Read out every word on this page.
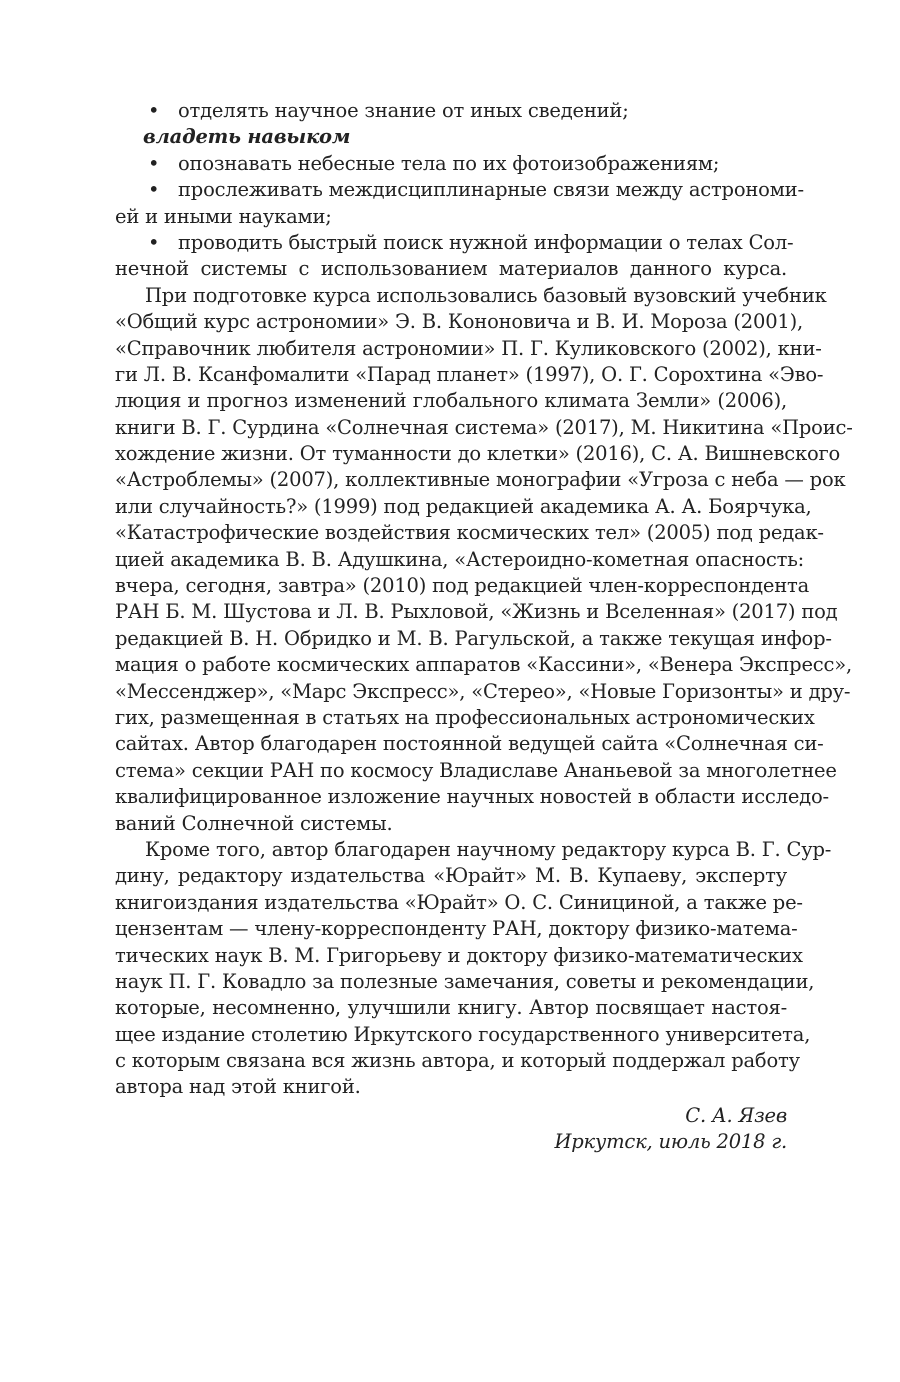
• отделять научное знание от иных сведений;
владеть навыком
• опознавать небесные тела по их фотоизображениям;
• прослеживать междисциплинарные связи между астрономи-
ей и иными науками;
• проводить быстрый поиск нужной информации о телах Сол-
нечной системы с использованием материалов данного курса.
При подготовке курса использовались базовый вузовский учебник
«Общий курс астрономии» Э. В. Кононовича и В. И. Мороза (2001),
«Справочник любителя астрономии» П. Г. Куликовского (2002), кни-
ги Л. В. Ксанфомалити «Парад планет» (1997), О. Г. Сорохтина «Эво-
люция и прогноз изменений глобального климата Земли» (2006),
книги В. Г. Сурдина «Солнечная система» (2017), М. Никитина «Проис-
хождение жизни. От туманности до клетки» (2016), С. А. Вишневского
«Астроблемы» (2007), коллективные монографии «Угроза с неба — рок
или случайность?» (1999) под редакцией академика А. А. Боярчука,
«Катастрофические воздействия космических тел» (2005) под редак-
цией академика В. В. Адушкина, «Астероидно-кометная опасность:
вчера, сегодня, завтра» (2010) под редакцией член-корреспондента
РАН Б. М. Шустова и Л. В. Рыхловой, «Жизнь и Вселенная» (2017) под
редакцией В. Н. Обридко и М. В. Рагульской, а также текущая инфор-
мация о работе космических аппаратов «Кассини», «Венера Экспресс»,
«Мессенджер», «Марс Экспресс», «Стерео», «Новые Горизонты» и дру-
гих, размещенная в статьях на профессиональных астрономических
сайтах. Автор благодарен постоянной ведущей сайта «Солнечная си-
стема» секции РАН по космосу Владиславе Ананьевой за многолетнее
квалифицированное изложение научных новостей в области исследо-
ваний Солнечной системы.
Кроме того, автор благодарен научному редактору курса В. Г. Сур-
дину, редактору издательства «Юрайт» М. В. Купаеву, эксперту
книгоиздания издательства «Юрайт» О. С. Синициной, а также ре-
цензентам — члену-корреспонденту РАН, доктору физико-матема-
тических наук В. М. Григорьеву и доктору физико-математических
наук П. Г. Ковадло за полезные замечания, советы и рекомендации,
которые, несомненно, улучшили книгу. Автор посвящает настоя-
щее издание столетию Иркутского государственного университета,
с которым связана вся жизнь автора, и который поддержал работу
автора над этой книгой.
С. А. Язев
Иркутск, июль 2018 г.
